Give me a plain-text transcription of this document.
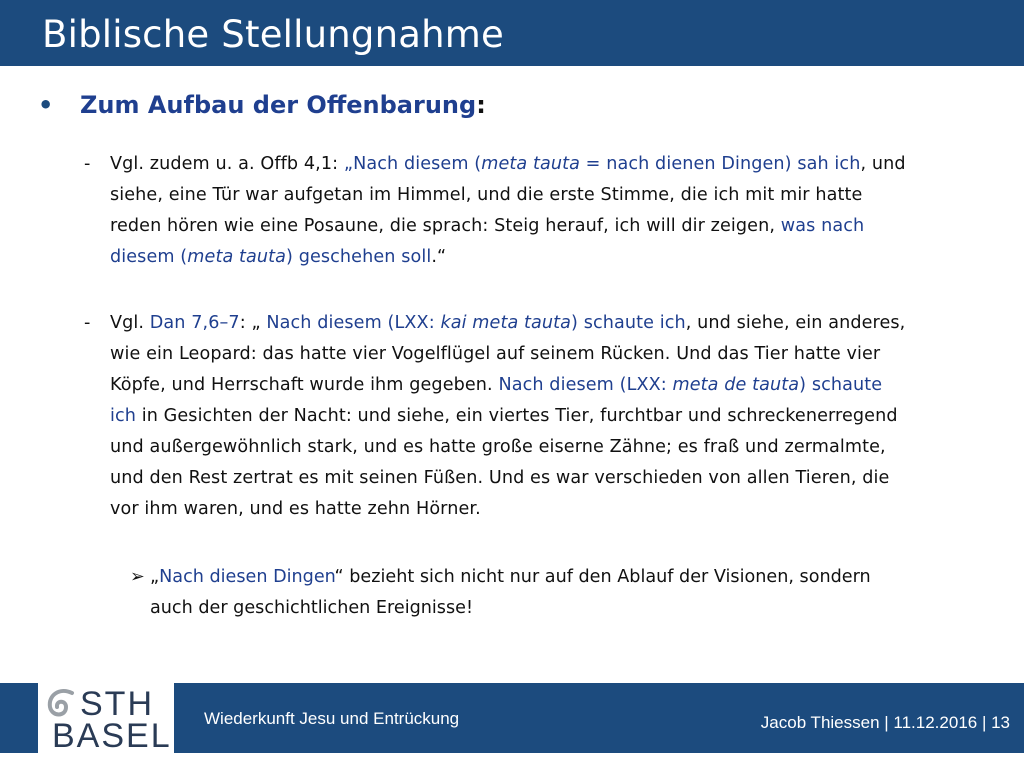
Biblische Stellungnahme
• Zum Aufbau der Offenbarung:
- Vgl. zudem u. a. Offb 4,1: „Nach diesem (meta tauta = nach dienen Dingen) sah ich, und
siehe, eine Tür war aufgetan im Himmel, und die erste Stimme, die ich mit mir hatte
reden hören wie eine Posaune, die sprach: Steig herauf, ich will dir zeigen, was nach
diesem (meta tauta) geschehen soll.“
- Vgl. Dan 7,6–7: „ Nach diesem (LXX: kai meta tauta) schaute ich, und siehe, ein anderes,
wie ein Leopard: das hatte vier Vogelflügel auf seinem Rücken. Und das Tier hatte vier
Köpfe, und Herrschaft wurde ihm gegeben. Nach diesem (LXX: meta de tauta) schaute
ich in Gesichten der Nacht: und siehe, ein viertes Tier, furchtbar und schreckenerregend
und außergewöhnlich stark, und es hatte große eiserne Zähne; es fraß und zermalmte,
und den Rest zertrat es mit seinen Füßen. Und es war verschieden von allen Tieren, die
vor ihm waren, und es hatte zehn Hörner.
➢ „Nach diesen Dingen“ bezieht sich nicht nur auf den Ablauf der Visionen, sondern
auch der geschichtlichen Ereignisse!
STH
BASEL Wiederkunft Jesu und Entrückung	Jacob Thiessen | 11.12.2016 | 13
